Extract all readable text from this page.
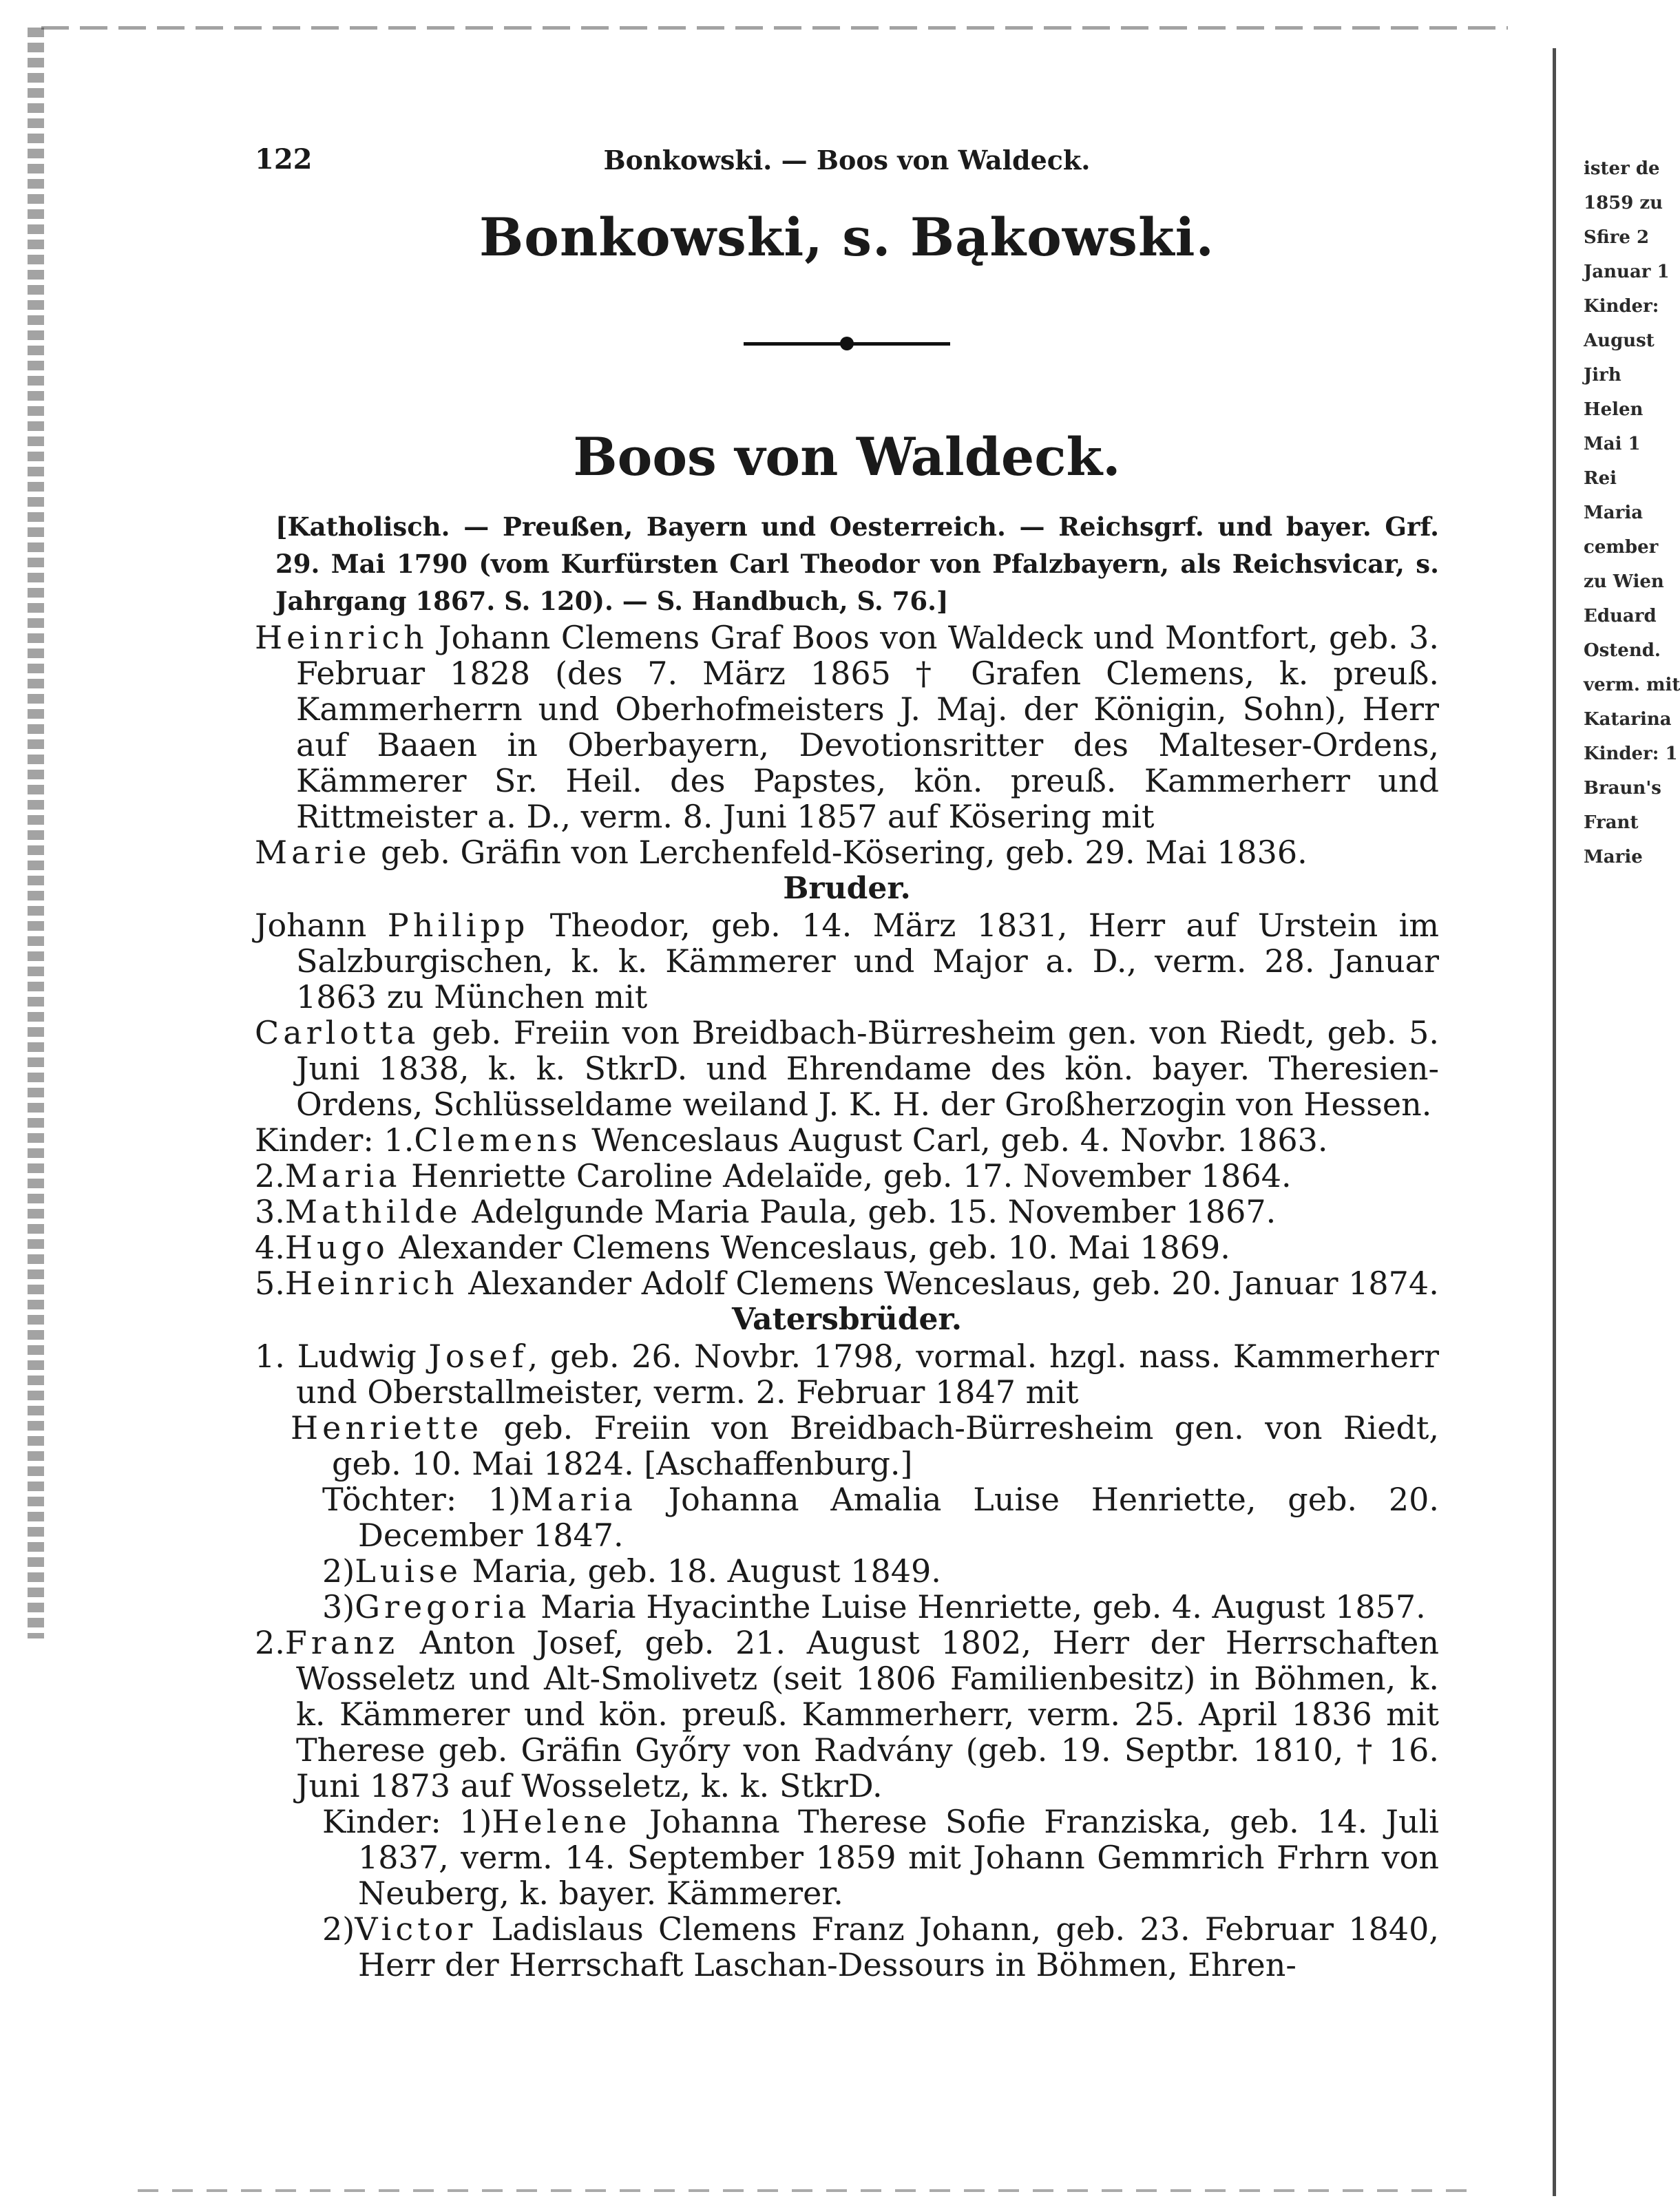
ister de
1859 zu
Sfire 2
Januar 1
Kinder:
August
Jirh
Helen
Mai 1
Rei
Maria
cember
zu Wien
Eduard
Ostend.
verm. mit
Katarina
Kinder: 1
Braun's
Frant
Marie
122	Bonkowski. — Boos von Waldeck.
Bonkowski, s. Bąkowski.
Boos von Waldeck.
[Katholisch. — Preußen, Bayern und Oesterreich. — Reichsgrf. und bayer. Grf. 29. Mai 1790 (vom Kurfürsten Carl Theodor von Pfalzbayern, als Reichsvicar, s. Jahrgang 1867. S. 120). — S. Handbuch, S. 76.]

Heinrich Johann Clemens Graf Boos von Waldeck und Montfort, geb. 3. Februar 1828 (des 7. März 1865 † Grafen Clemens, k. preuß. Kammerherrn und Oberhofmeisters J. Maj. der Königin, Sohn), Herr auf Baaen in Oberbayern, Devotionsritter des Malteser-Ordens, Kämmerer Sr. Heil. des Papstes, kön. preuß. Kammerherr und Rittmeister a. D., verm. 8. Juni 1857 auf Kösering mit

Marie geb. Gräfin von Lerchenfeld-Kösering, geb. 29. Mai 1836.

Bruder.

Johann Philipp Theodor, geb. 14. März 1831, Herr auf Urstein im Salzburgischen, k. k. Kämmerer und Major a. D., verm. 28. Januar 1863 zu München mit

Carlotta geb. Freiin von Breidbach-Bürresheim gen. von Riedt, geb. 5. Juni 1838, k. k. StkrD. und Ehrendame des kön. bayer. Theresien-Ordens, Schlüsseldame weiland J. K. H. der Großherzogin von Hessen.

Kinder: 1.Clemens Wenceslaus August Carl, geb. 4. Novbr. 1863.

2.Maria Henriette Caroline Adelaïde, geb. 17. November 1864.

3.Mathilde Adelgunde Maria Paula, geb. 15. November 1867.

4.Hugo Alexander Clemens Wenceslaus, geb. 10. Mai 1869.

5.Heinrich Alexander Adolf Clemens Wenceslaus, geb. 20. Januar 1874.

Vatersbrüder.

1. Ludwig Josef, geb. 26. Novbr. 1798, vormal. hzgl. nass. Kammerherr und Oberstallmeister, verm. 2. Februar 1847 mit

Henriette geb. Freiin von Breidbach-Bürresheim gen. von Riedt, geb. 10. Mai 1824. [Aschaffenburg.]

Töchter: 1)Maria Johanna Amalia Luise Henriette, geb. 20. December 1847.

2)Luise Maria, geb. 18. August 1849.

3)Gregoria Maria Hyacinthe Luise Henriette, geb. 4. August 1857.

2.Franz Anton Josef, geb. 21. August 1802, Herr der Herrschaften Wosseletz und Alt-Smolivetz (seit 1806 Familienbesitz) in Böhmen, k. k. Kämmerer und kön. preuß. Kammerherr, verm. 25. April 1836 mit Therese geb. Gräfin Győry von Radvány (geb. 19. Septbr. 1810, † 16. Juni 1873 auf Wosseletz, k. k. StkrD.

Kinder: 1)Helene Johanna Therese Sofie Franziska, geb. 14. Juli 1837, verm. 14. September 1859 mit Johann Gemmrich Frhrn von Neuberg, k. bayer. Kämmerer.

2)Victor Ladislaus Clemens Franz Johann, geb. 23. Februar 1840, Herr der Herrschaft Laschan-Dessours in Böhmen, Ehren-
